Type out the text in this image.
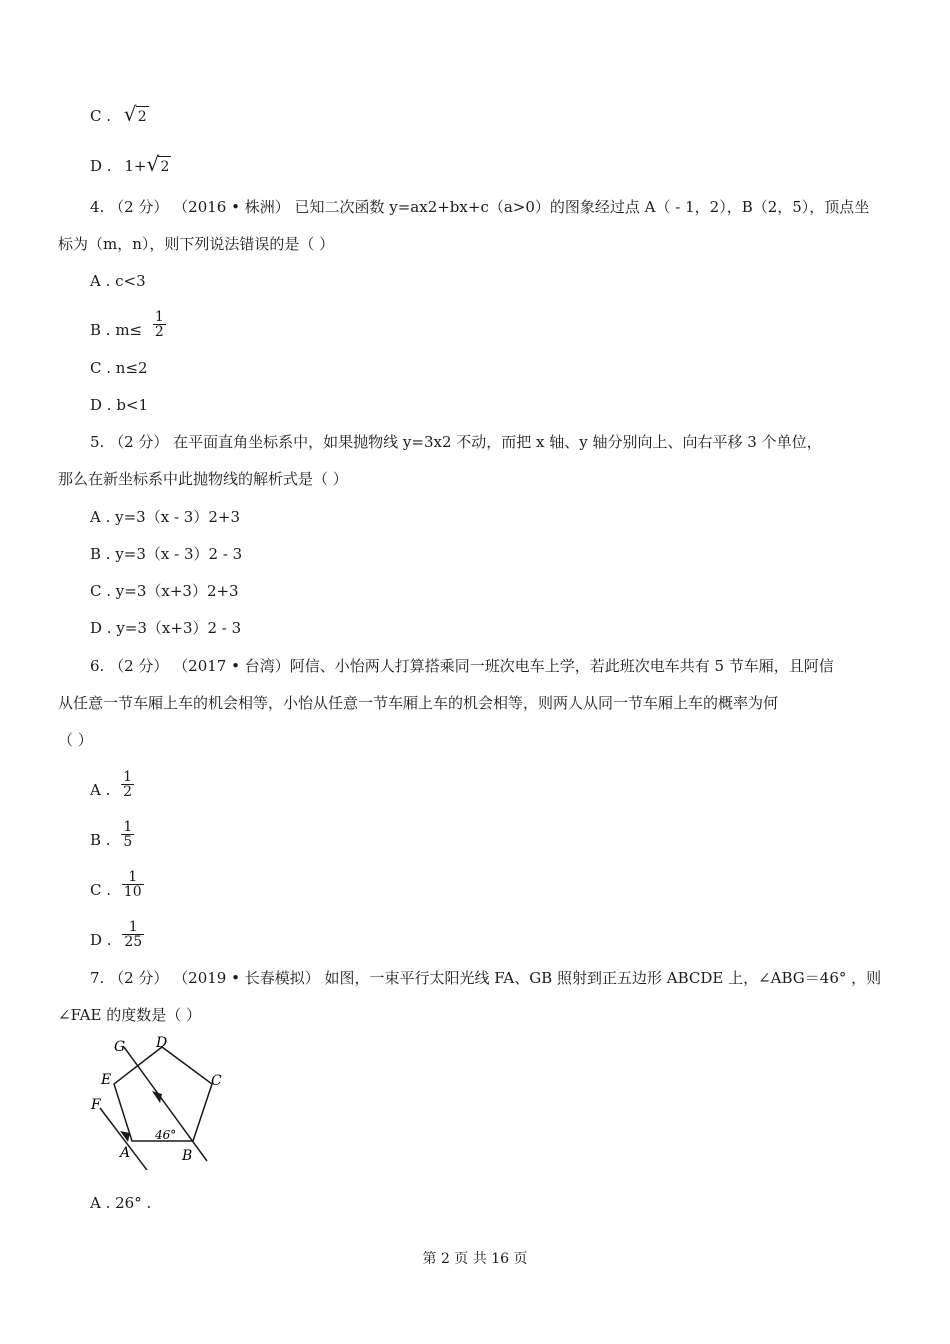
C . √ 2
D . 1+ √ 2
4. （2 分） （2016 • 株洲） 已知二次函数 y=ax2+bx+c（a>0）的图象经过点 A（ - 1，2），B（2，5），顶点坐
标为（m，n），则下列说法错误的是（ ）
A . c<3
B . $m\le \frac{1}{2}$
C . n≤2
D . b<1
5. （2 分） 在平面直角坐标系中，如果抛物线 y=3x2 不动，而把 x 轴、y 轴分别向上、向右平移 3 个单位，
那么在新坐标系中此抛物线的解析式是（ ）
A . y=3（x - 3）2+3
B . y=3（x - 3）2 - 3
C . y=3（x+3）2+3
D . y=3（x+3）2 - 3
6. （2 分） （2017 • 台湾）阿信、小怡两人打算搭乘同一班次电车上学，若此班次电车共有 5 节车厢，且阿信
从任意一节车厢上车的机会相等，小怡从任意一节车厢上车的机会相等，则两人从同一节车厢上车的概率为何
（ ）
A . $\frac{1}{2}$
B . $\frac{1}{5}$
C . $\frac{1}{10}$
D . $\frac{1}{25}$
7. （2 分） （2019 • 长春模拟） 如图，一束平行太阳光线 FA、GB 照射到正五边形 ABCDE 上，∠ABG＝46° ，则
∠FAE 的度数是（ ）
G D
E	C
F
A	B
46°
A . 26° .
第 2 页 共 16 页
